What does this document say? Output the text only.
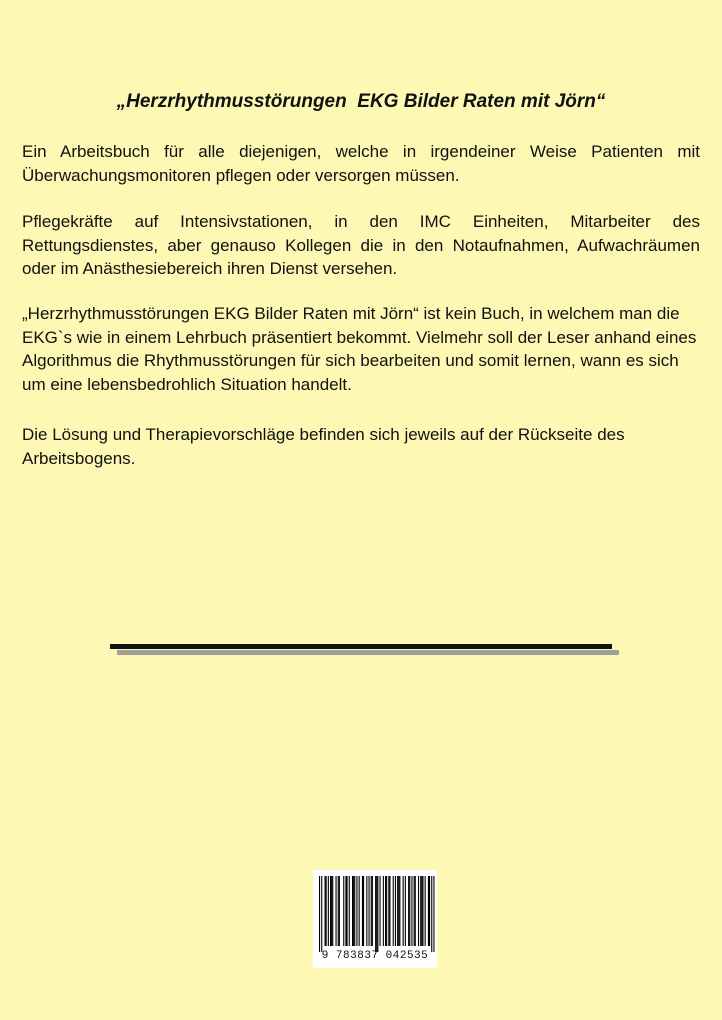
„Herzrhythmusstörungen  EKG Bilder Raten mit Jörn“

Ein Arbeitsbuch für alle diejenigen, welche in irgendeiner Weise Patienten mit Überwachungsmonitoren pflegen oder versorgen müssen.

Pflegekräfte auf Intensivstationen, in den IMC Einheiten, Mitarbeiter des Rettungsdienstes, aber genauso Kollegen die in den Notaufnahmen, Aufwachräumen oder im Anästhesiebereich ihren Dienst versehen.

„Herzrhythmusstörungen EKG Bilder Raten mit Jörn“ ist kein Buch, in welchem man die EKG`s wie in einem Lehrbuch präsentiert bekommt. Vielmehr soll der Leser anhand eines Algorithmus die Rhythmusstörungen für sich bearbeiten und somit lernen, wann es sich um eine lebensbedrohlich Situation handelt.

Die Lösung und Therapievorschläge befinden sich jeweils auf der Rückseite des Arbeitsbogens.

9 783837 042535
